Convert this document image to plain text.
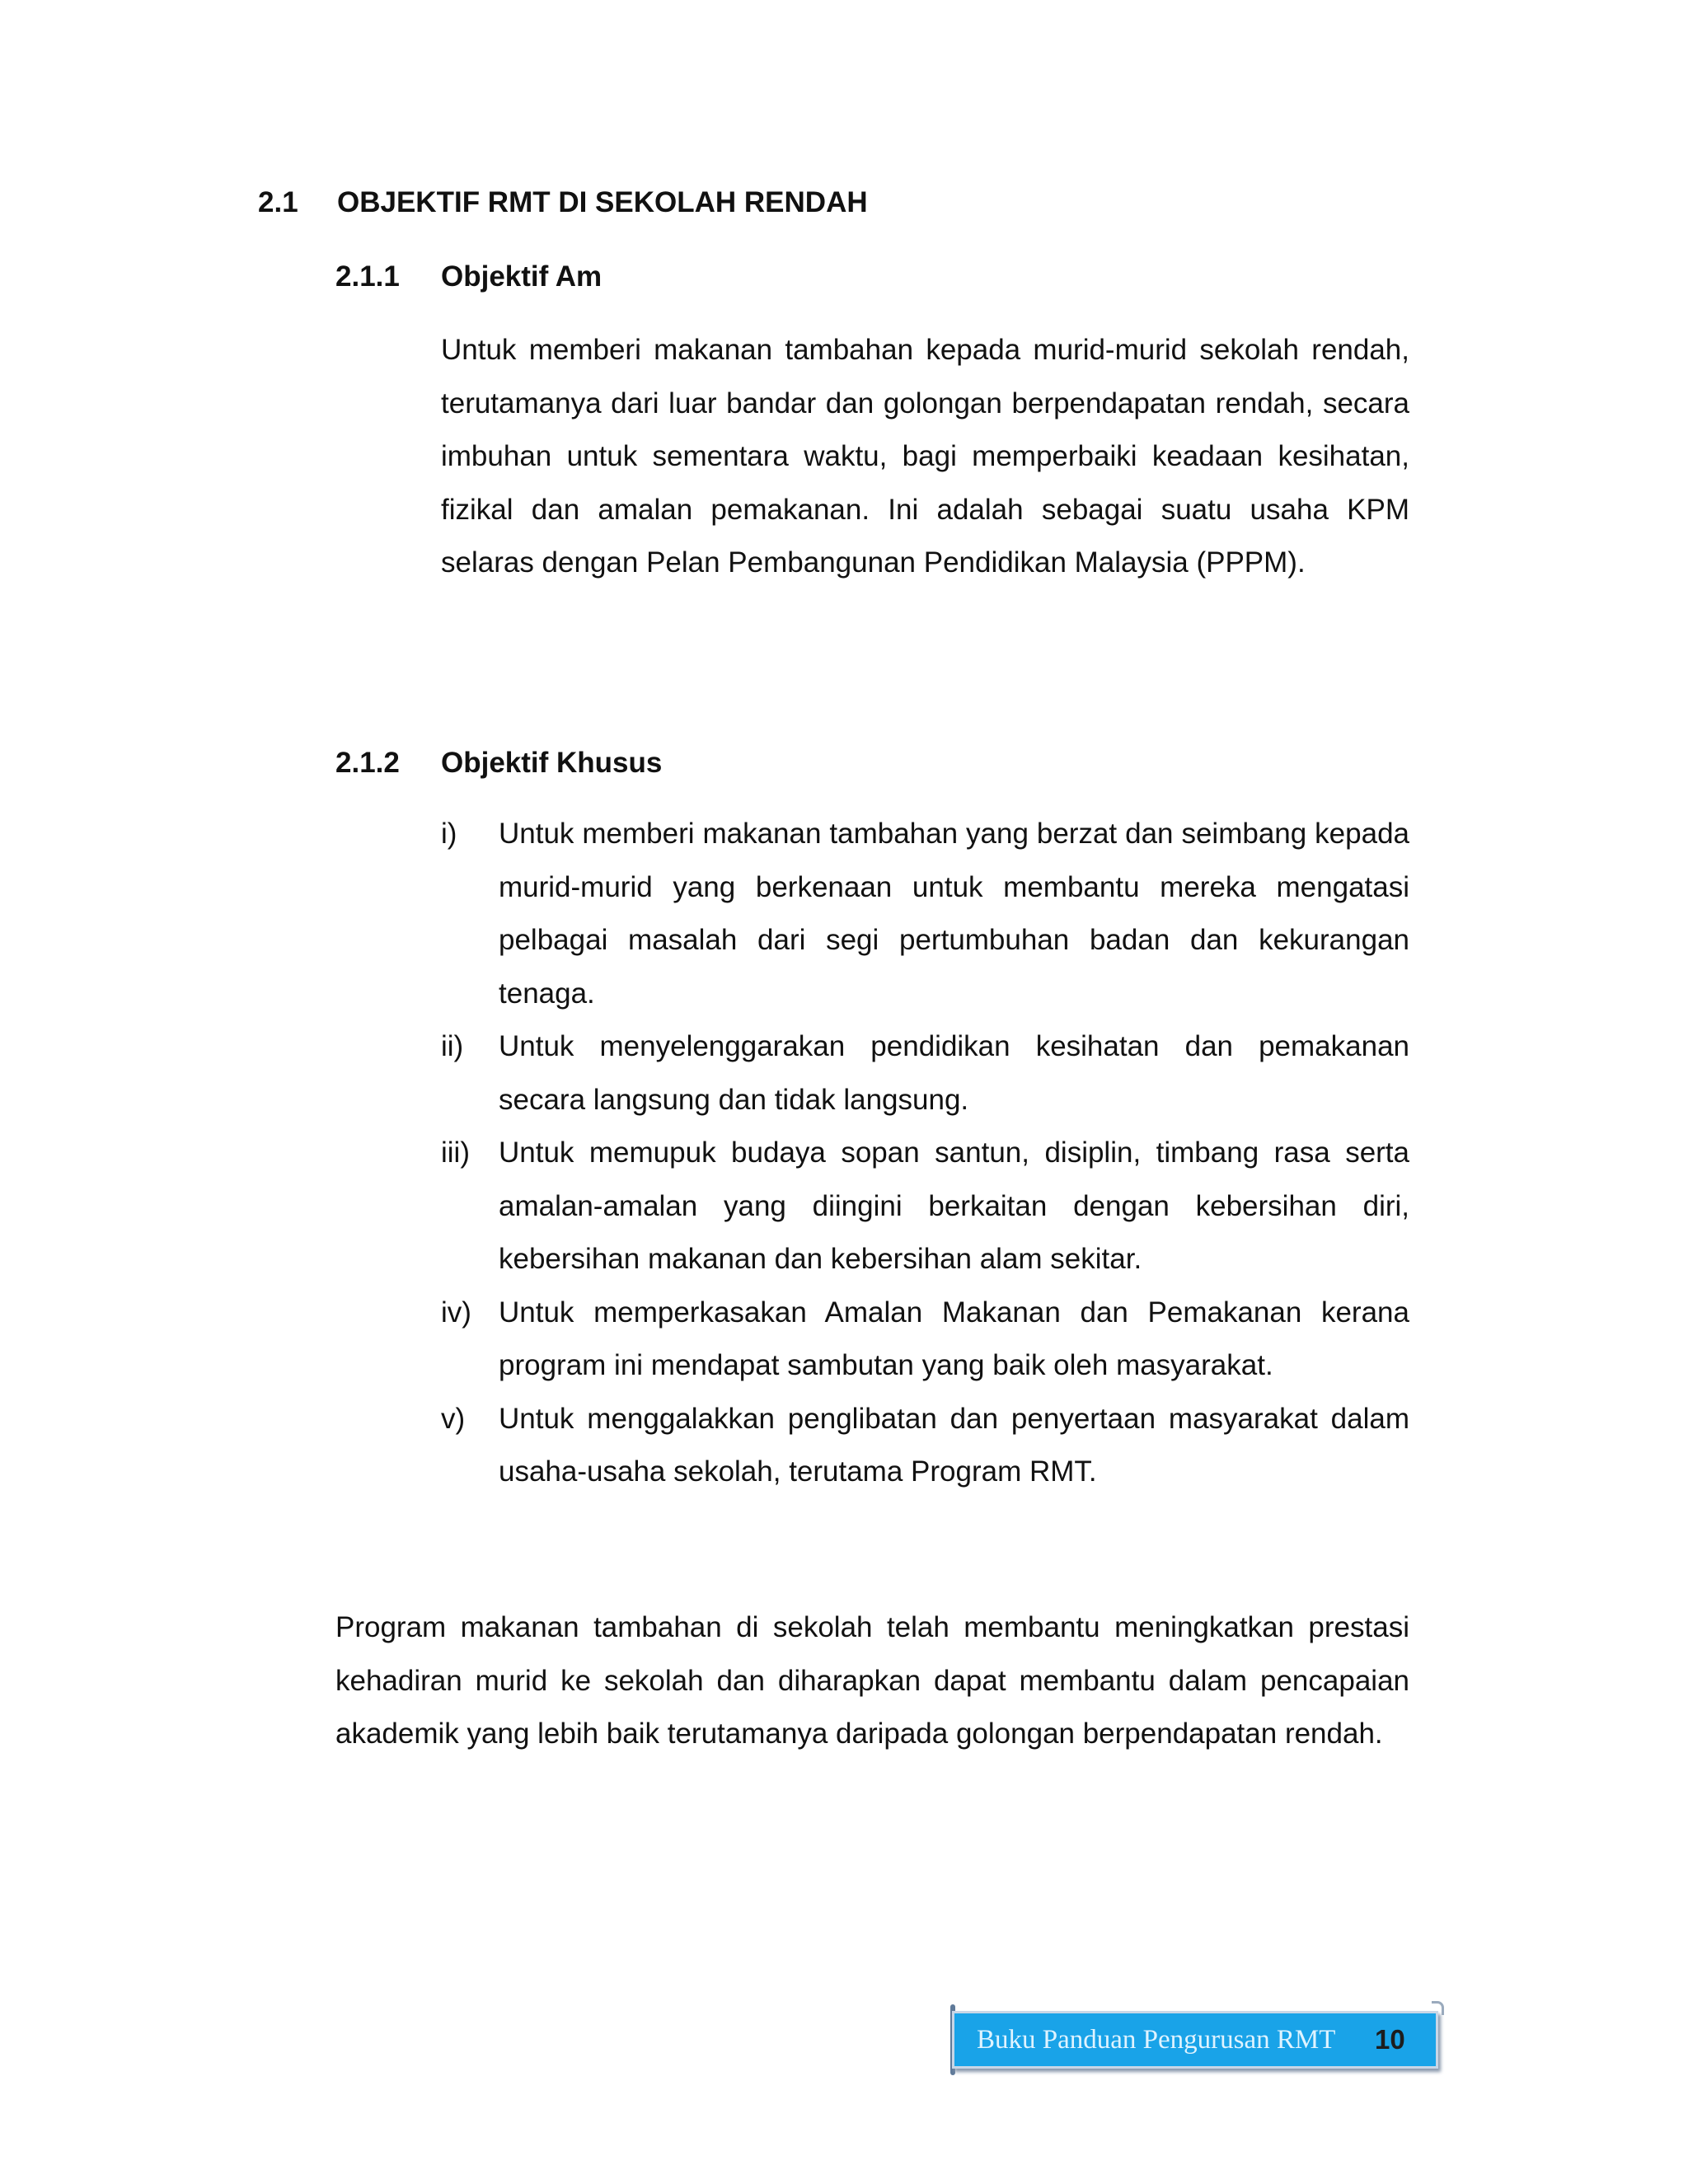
2.1 OBJEKTIF RMT DI SEKOLAH RENDAH
2.1.1 Objektif Am

Untuk memberi makanan tambahan kepada murid-murid sekolah rendah, terutamanya dari luar bandar dan golongan berpendapatan rendah, secara imbuhan untuk sementara waktu, bagi memperbaiki keadaan kesihatan, fizikal dan amalan pemakanan. Ini adalah sebagai suatu usaha KPM selaras dengan Pelan Pembangunan Pendidikan Malaysia (PPPM).

2.1.2 Objektif Khusus
i) Untuk memberi makanan tambahan yang berzat dan seimbang kepada murid-murid yang berkenaan untuk membantu mereka mengatasi pelbagai masalah dari segi pertumbuhan badan dan kekurangan tenaga.
ii) Untuk menyelenggarakan pendidikan kesihatan dan pemakanan secara langsung dan tidak langsung.
iii) Untuk memupuk budaya sopan santun, disiplin, timbang rasa serta amalan-amalan yang diingini berkaitan dengan kebersihan diri, kebersihan makanan dan kebersihan alam sekitar.
iv) Untuk memperkasakan Amalan Makanan dan Pemakanan kerana program ini mendapat sambutan yang baik oleh masyarakat.
v) Untuk menggalakkan penglibatan dan penyertaan masyarakat dalam usaha-usaha sekolah, terutama Program RMT.

Program makanan tambahan di sekolah telah membantu meningkatkan prestasi kehadiran murid ke sekolah dan diharapkan dapat membantu dalam pencapaian akademik yang lebih baik terutamanya daripada golongan berpendapatan rendah.

Buku Panduan Pengurusan RMT 10
